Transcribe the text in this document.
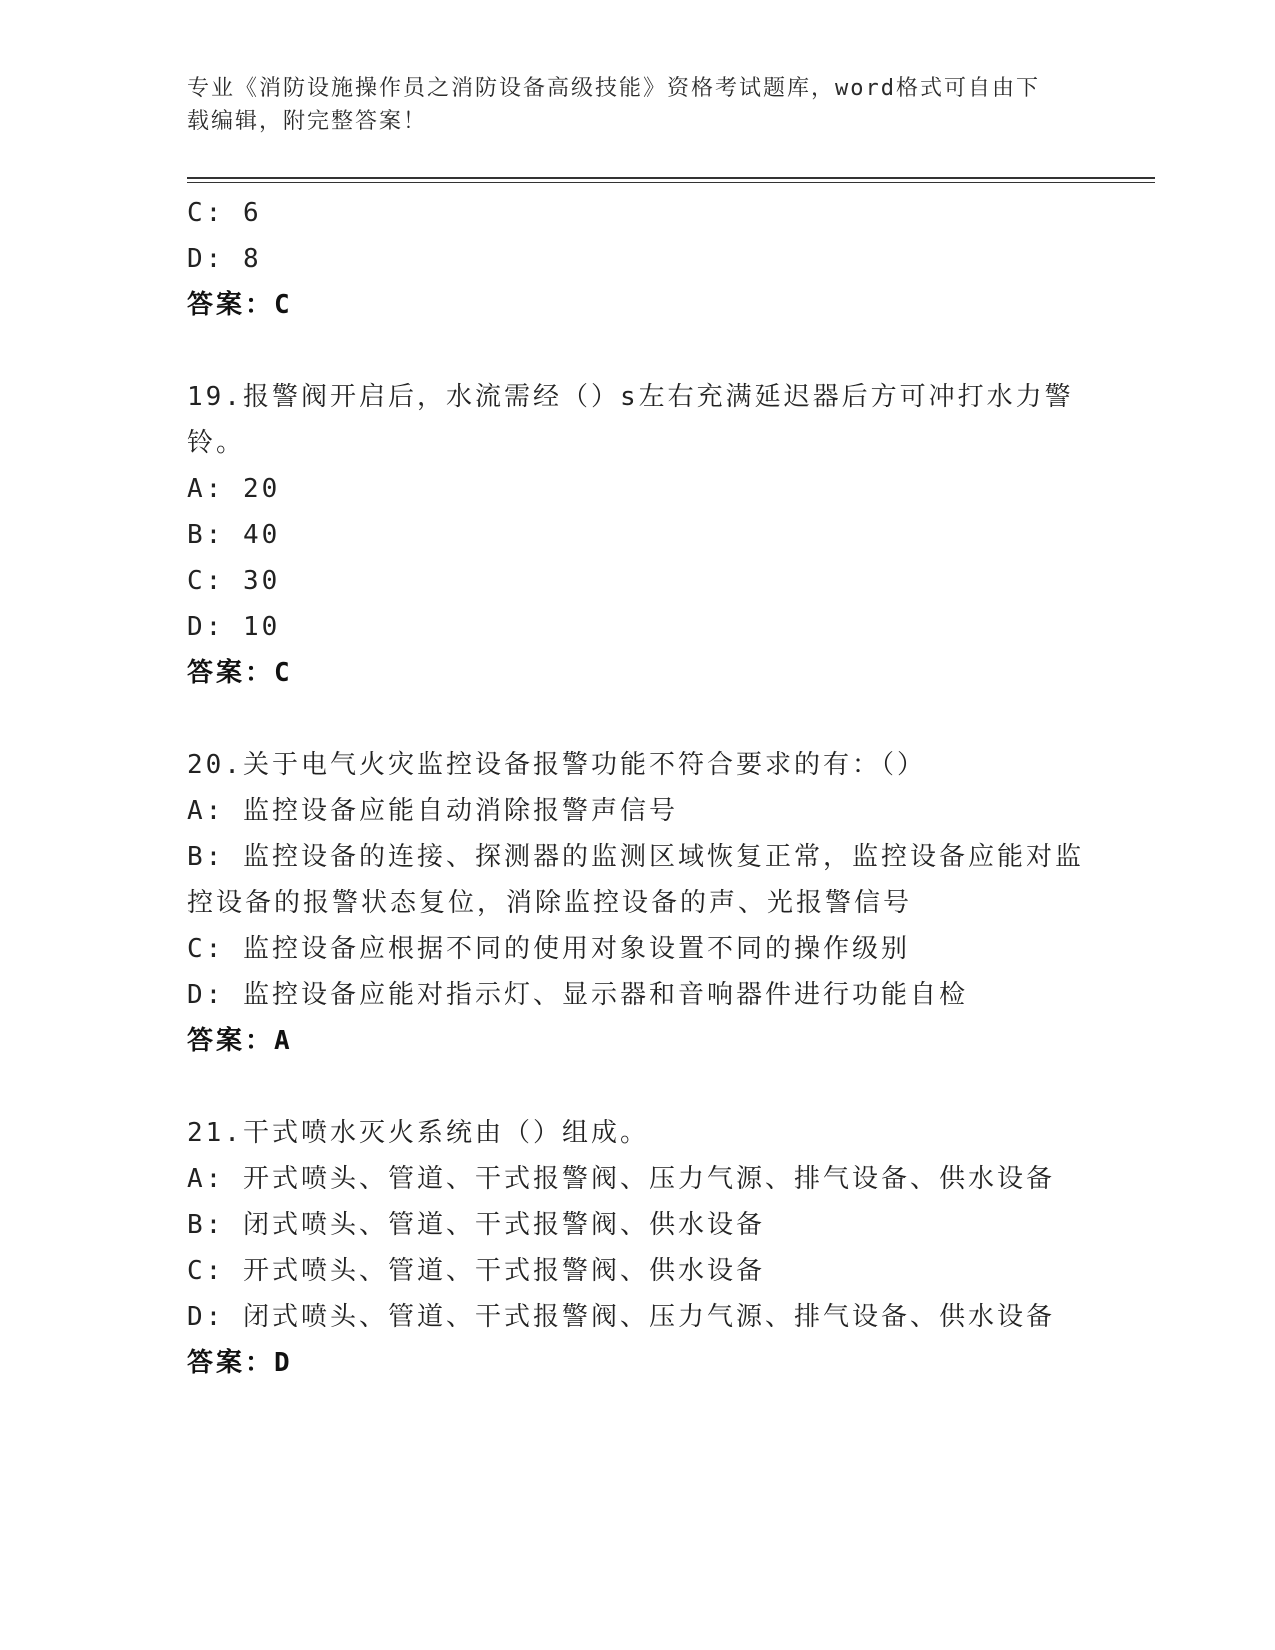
专业《消防设施操作员之消防设备高级技能》资格考试题库，word格式可自由下
载编辑，附完整答案！
C: 6
D: 8
答案：C
19.报警阀开启后，水流需经（）s左右充满延迟器后方可冲打水力警
铃。
A: 20
B: 40
C: 30
D: 10
答案：C
20.关于电气火灾监控设备报警功能不符合要求的有：（）
A: 监控设备应能自动消除报警声信号
B: 监控设备的连接、探测器的监测区域恢复正常，监控设备应能对监
控设备的报警状态复位，消除监控设备的声、光报警信号
C: 监控设备应根据不同的使用对象设置不同的操作级别
D: 监控设备应能对指示灯、显示器和音响器件进行功能自检
答案：A
21.干式喷水灭火系统由（）组成。
A: 开式喷头、管道、干式报警阀、压力气源、排气设备、供水设备
B: 闭式喷头、管道、干式报警阀、供水设备
C: 开式喷头、管道、干式报警阀、供水设备
D: 闭式喷头、管道、干式报警阀、压力气源、排气设备、供水设备
答案：D
